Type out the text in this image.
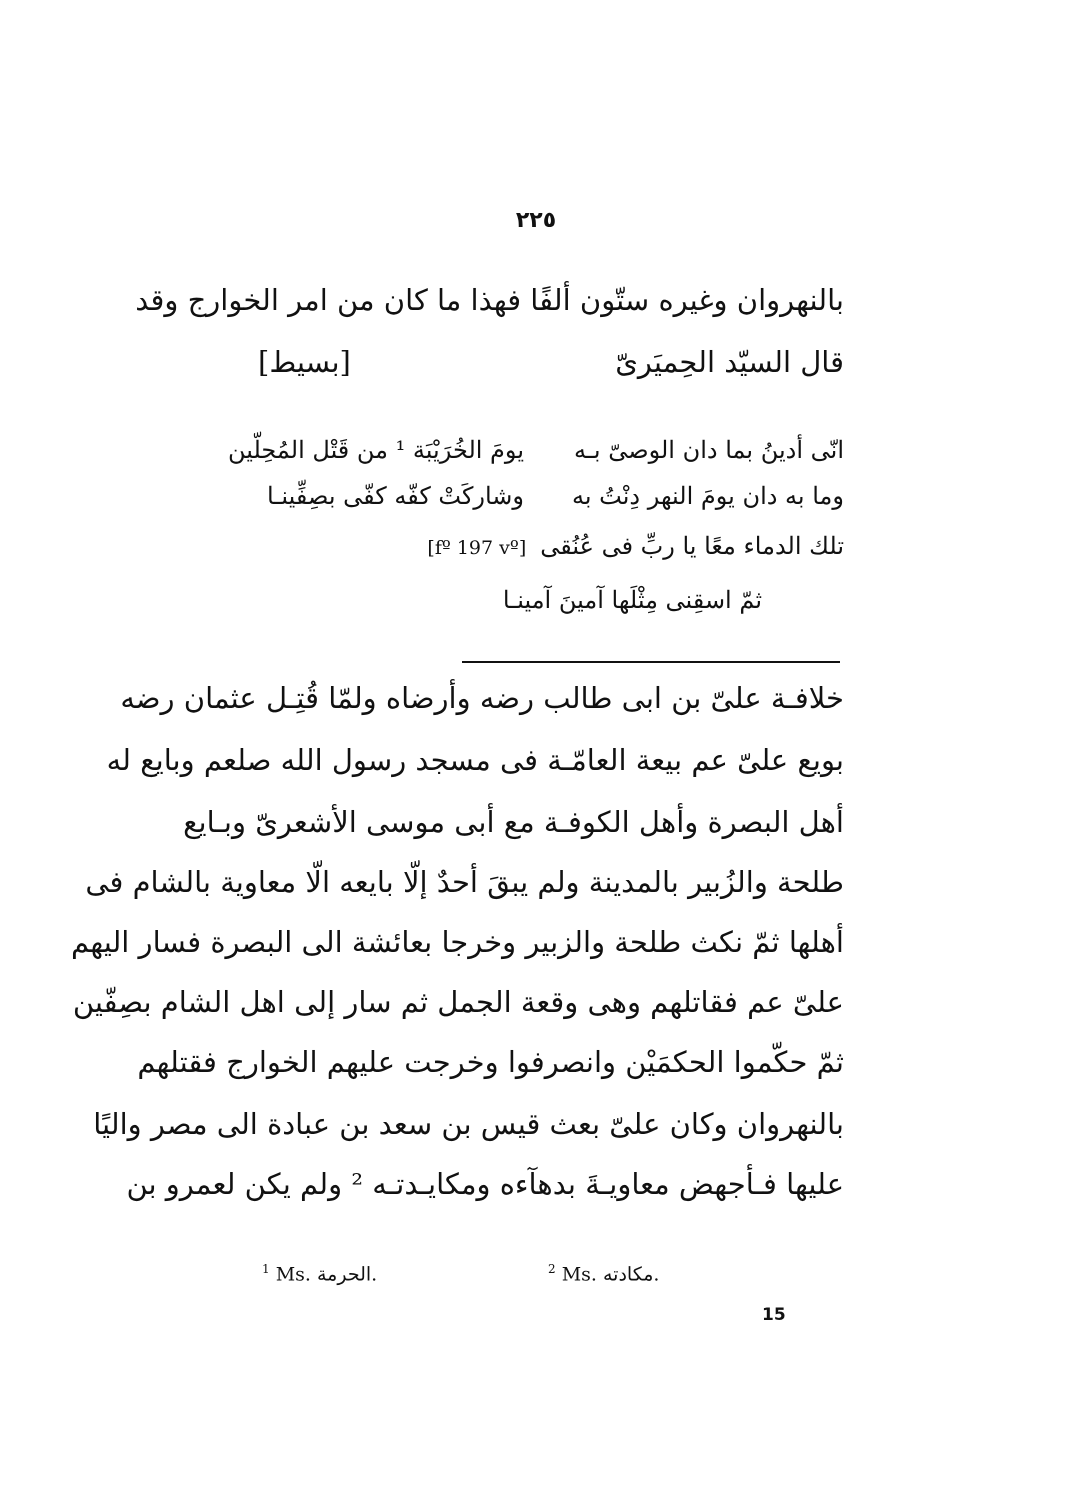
٢٢٥
بالنهروان وغيره ستّون ألفًا فهذا ما كان من امر الخوارج وقد
قال السيّد الحِميَرىّ
[بسيط]
انّى أدينُ بما دان الوصىّ بـه
يومَ الخُرَيْبَة ¹ من قَتْل المُحِلّين
وما به دان يومَ النهر دِنْتُ به
وشاركَتْ كفّه كفّى بصِفِّينـا
تلك الدماء معًا يا ربِّ فى عُنُقى[fº 197 vº]
ثمّ اسقِنى مِثْلَها آمينَ آمينـا
خلافـة علىّ بن ابى طالب رضه وأرضاه ولمّا قُتِـل عثمان رضه
بويع علىّ عم بيعة العامّـة فى مسجد رسول الله صلعم وبايع له
أهل البصرة وأهل الكوفـة مع أبى موسى الأشعرىّ وبـايع
طلحة والزُبير بالمدينة ولم يبقَ أحدٌ إلّا بايعه الّا معاوية بالشام فى
أهلها ثمّ نكث طلحة والزبير وخرجا بعائشة الى البصرة فسار اليهم
علىّ عم فقاتلهم وهى وقعة الجمل ثم سار إلى اهل الشام بصِفّين
ثمّ حكّموا الحكمَيْن وانصرفوا وخرجت عليهم الخوارج فقتلهم
بالنهروان وكان علىّ بعث قيس بن سعد بن عبادة الى مصر واليًا
عليها فـأجهض معاويـةَ بدهآءه ومكايـدتـه ² ولم يكن لعمرو بن
$^1$ Ms. الحرمة.	$^2$ Ms. مكادته.
15
